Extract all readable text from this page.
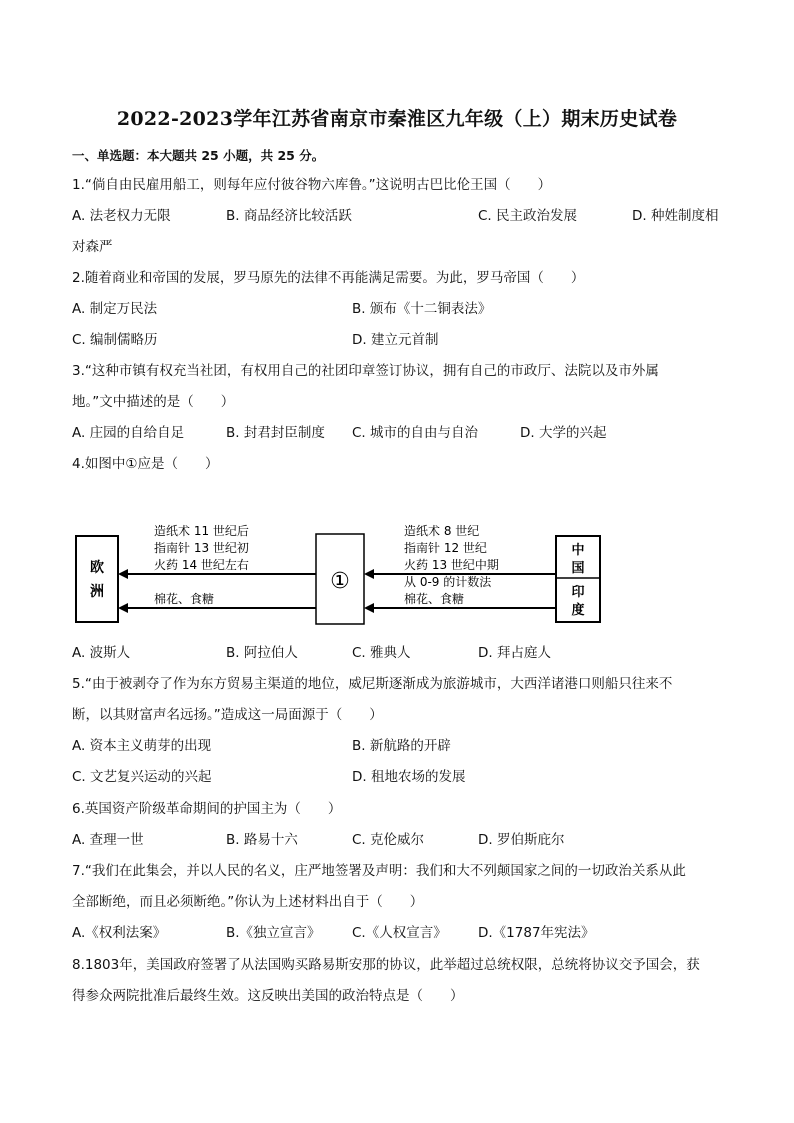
2022-2023学年江苏省南京市秦淮区九年级（上）期末历史试卷
一、单选题：本大题共 25 小题，共 25 分。
1.“倘自由民雇用船工，则每年应付彼谷物六库鲁。”这说明古巴比伦王国（　　）
A. 法老权力无限	B. 商品经济比较活跃	C. 民主政治发展	D. 种姓制度相
对森严
2.随着商业和帝国的发展，罗马原先的法律不再能满足需要。为此，罗马帝国（　　）
A. 制定万民法	B. 颁布《十二铜表法》
C. 编制儒略历	D. 建立元首制
3.“这种市镇有权充当社团，有权用自己的社团印章签订协议，拥有自己的市政厅、法院以及市外属
地。”文中描述的是（　　）
A. 庄园的自给自足	B. 封君封臣制度 C. 城市的自由与自治	D. 大学的兴起
4.如图中①应是（　　）
欧
洲	①
中
国
印
度
造纸术 11 世纪后
指南针 13 世纪初
火药 14 世纪左右
棉花、食糖
造纸术 8 世纪
指南针 12 世纪
火药 13 世纪中期
从 0-9 的计数法
棉花、食糖
A. 波斯人	B. 阿拉伯人	C. 雅典人	D. 拜占庭人
5.“由于被剥夺了作为东方贸易主渠道的地位，威尼斯逐渐成为旅游城市，大西洋诸港口则船只往来不
断，以其财富声名远扬。”造成这一局面源于（　　）
A. 资本主义萌芽的出现	B. 新航路的开辟
C. 文艺复兴运动的兴起	D. 租地农场的发展
6.英国资产阶级革命期间的护国主为（　　）
A. 查理一世	B. 路易十六	C. 克伦威尔	D. 罗伯斯庇尔
7.“我们在此集会，并以人民的名义，庄严地签署及声明：我们和大不列颠国家之间的一切政治关系从此
全部断绝，而且必须断绝。”你认为上述材料出自于（　　）
A.《权利法案》	B.《独立宣言》 C.《人权宣言》 D.《1787年宪法》
8.1803年，美国政府签署了从法国购买路易斯安那的协议，此举超过总统权限，总统将协议交予国会，获
得参众两院批准后最终生效。这反映出美国的政治特点是（　　）
